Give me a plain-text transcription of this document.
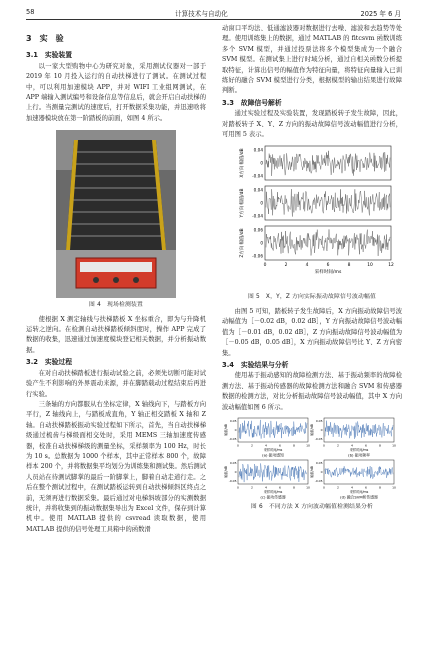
58	计算技术与自动化	2025 年 6 月
3　实　验
3.1　实验装置

以一家大型购物中心为研究对象，采用测试仪器对一部于 2019 年 10 月投入运行的自动扶梯进行了测试。在测试过程中，可以利用加速模块 APP，并对 WIFI 工业组网测试，在 APP 端输入测试编号和设备信息等信息后，就会开启自动扶梯的上行。当测量完测试的速度后，打开数据采集功能，并迅速啥将加速器模块放在第一阶踏板的前面，如图 4 所示。

图 4　现场检测装置

使根据 X 测定轴线与扶梯踏板 X 坐标重合，即为与升降机运转之逆向。在检测自动扶梯踏板倾斜度时，操作 APP 完成了数据的收集，迅速通过加速度模块登记相关数据，并分析振动数据。

3.2　实验过程

在对自动扶梯踏板进行振动试验之前，必须先切断可能对试验产生不利影响的外界震动来源，并在脚踏载动过程结束后再进行实验。

三条轴的方向都服从右坐标定律，X 轴线向下，与踏板方向平行，Z 轴线向上，与踏板成直角，Y 轴正相交踏板 X 轴和 Z 轴。自动扶梯踏板振动实验过程如下所示，首先，当自动扶梯梯级通过梳齿与梯级面相交处时，采用 MEMS 三轴加速度传感器，校准自动扶梯梯级的测量坐标，采样频率为 100 Hz，时长为 10 s。总数据为 1000 个样本，其中正常样本 800 个，故障样本 200 个，并将数据集平均划分为训练集和测试集。然后测试人员站在待测试脚掌的最后一阶脚掌上，脚着自动走道行走。之后在整个测试过程中，在测试踏板运转到自动扶梯倾斜区终点之前，无须再进行数据采集。最后通过对电梯斜坡部分的实测数据统计，并将收集到的振动数据集导出为 Excel 文件，保存到计算机中。使用 MATLAB 提供的 csvread 读取数据，使用 MATLAB 提供的信号处理工具箱中的函数滑

动窗口平均法、低通滤波器对数据进行去噪、滤波和去趋势等处理。使用训练集上的数据，通过 MATLAB 的 fitcsvm 函数训练多个 SVM 模型，并通过投票法将多个模型集成为一个融合 SVM 模型。在测试集上进行时域分析，通过自相关函数分析提取特征，计算出信号的幅值作为特征向量，将特征向量输入已训练好的融合 SVM 模型进行分类，根据模型的输出结果进行故障判断。

3.3　故障信号解析

通过实验过程及实验装置，发现踏板转子发生故障，因此，对踏板转子 X、Y、Z 方向的振动故障信号波动幅值进行分析，可用图 5 表示。

0.04
0
-0.04
X方向 幅值/dB
0.04
0
-0.04
Y方向 幅值/dB
0.06
0
-0.06
Z方向 幅值/dB
0	2	4	6	8	10	12
采样时间/ms
图 5　X，Y，Z 方向实际振动故障信号波动幅值

由图 5 可知，踏板转子发生故障后，X 方向振动故障信号波动幅值为［－0.02 dB，0.02 dB］，Y 方向振动故障信号波动幅值为［－0.01 dB，0.02 dB］，Z 方向振动故障信号波动幅值为［－0.05 dB，0.05 dB］，X 方向振动故障信号比 Y、Z 方向密集。

3.4　实验结果与分析

使用基于振动感知的故障检测方法、基于振动频率的故障检测方法、基于振动传感器的故障检测方法和融合 SVM 和传感器数据的检测方法，对比分析振动故障信号波动幅值，其中 X 方向波动幅值如图 6 所示。

0.05
0
-0.05
幅值/dB
0	2	4	6	8	10
采样时间/ms
(a) 振动感知
0.05
0
-0.05
幅值/dB
0	2	4	6	8	10
采样时间/ms
(b) 振动频率
0.05
0
-0.05
幅值/dB
0	2	4	6	8	10
采样时间/ms
(c) 振动传感器
0.05
0
-0.05
幅值/dB
0	2	4	6	8	10
采样时间/ms
(d) 融合SVM和传感器
图 6　不同方法 X 方向波动幅值检测结果分析
